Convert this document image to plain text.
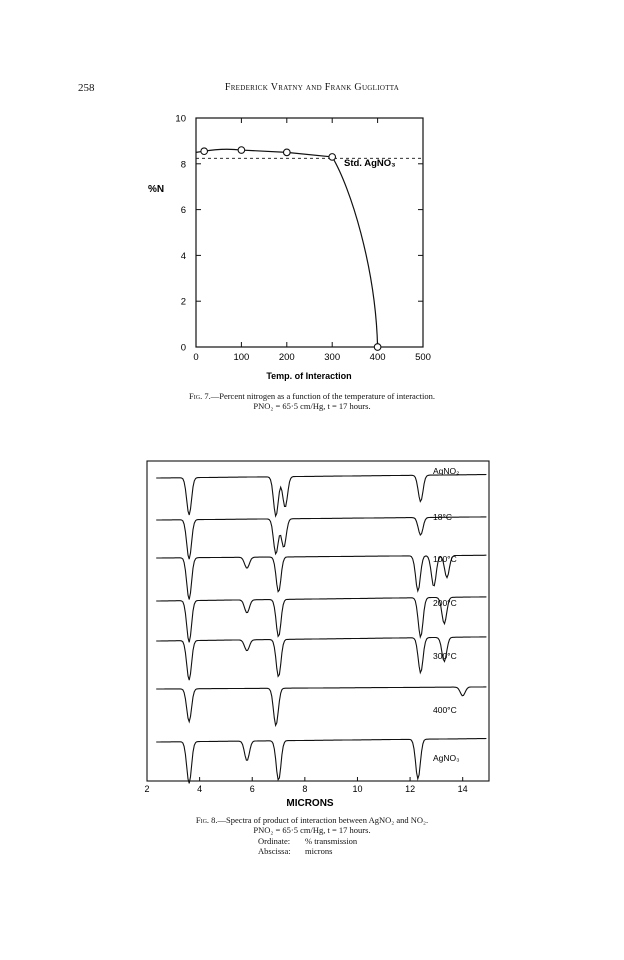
258	Frederick Vratny and Frank Gugliotta
0	100	200	300	400	500
0
2
4
6
8
10
%N
Temp. of Interaction
Std. AgNO₃
Fig. 7.—Percent nitrogen as a function of the temperature of interaction.
PNO₂ = 65·5 cm/Hg, t = 17 hours.
AgNO₂
18°C
100°C
200°C
300°C
400°C
AgNO₃
2	4	6	8	10	12	14
MICRONS
Fig. 8.—Spectra of product of interaction between AgNO₂ and NO₂.
PNO₂ = 65·5 cm/Hg, t = 17 hours.
Ordinate: % transmission
Abscissa: microns
